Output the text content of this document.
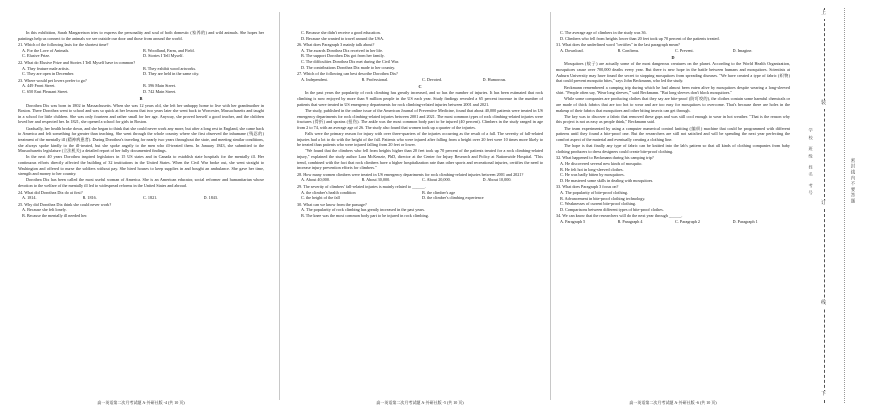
In this exhibition, Sarah Margaretson tries to express the personality and soul of both domestic (家养的) and wild animals. She hopes her paintings help us connect to the animals we see outside our door and those from around the world.

21. Which of the following lasts for the shortest time?
A. For the Love of Animals.	B. Woodland, Farm, and Field.
C. Elusive Prize.	D. Stories I Tell Myself.
22. What do Elusive Prize and Stories I Tell Myself have in common?
A. They feature male artists.	B. They exhibit wood artworks.
C. They are open in December.	D. They are held in the same city.
23. Where would pet lovers prefer to go?
A. 449 Front Street.	B. 396 Main Street.
C. 650 East Pleasant Street.	D. 742 Main Street.
B

Dorothea Dix was born in 1802 in Massachusetts. When she was 12 years old, she left her unhappy home to live with her grandmother in Boston. There Dorothea went to school and was so quick at her lessons that two years later she went back to Worcester, Massachusetts and taught in a school for little children. She was only fourteen and rather small for her age. Anyway, she proved herself a good teacher, and the children loved her and respected her. In 1821, she opened a school for girls in Boston.

Gradually, her health broke down, and she began to think that she could never work any more, but after a long rest in England, she came back to America and felt something far greater than teaching. She went through the whole country where she first observed the inhumane (残忍的) treatment of the mentally ill (精神病患者). During Dorothea's traveling for nearly two years throughout the state, and meeting similar conditions, she always spoke kindly to the ill-treated, but she spoke angrily to the men who ill-treated them. In January 1843, she submitted to the Massachusetts legislature (立法机关) a detailed report of her fully documented findings.

In the next 40 years Dorothea inspired legislators in 15 US states and in Canada to establish state hospitals for the mentally ill. Her continuous efforts directly affected the building of 32 institutions in the United States. When the Civil War broke out, she went straight to Washington and offered to nurse the soldiers without pay. She hired houses to keep supplies in and bought an ambulance. She gave her time, strength and money to her country.

Dorothea Dix has been called the most useful woman of America. She is an American educator, social reformer and humanitarian whose devotion to the welfare of the mentally ill led to widespread reforms in the United States and abroad.

24. What did Dorothea Dix do at first?
A. 1814.	B. 1816.	C. 1821.	D. 1843.
25. Why did Dorothea Dix think she could never work?
A. Because she felt lonely.
B. Because the mentally ill needed her.
C. Because she didn't receive a good education.
D. Because she wanted to travel around the USA.
26. What does Paragraph 3 mainly talk about?
A. The awards Dorothea Dix received in her life.
B. The support Dorothea Dix got from her family.
C. The difficulties Dorothea Dix met during the Civil War.
D. The contributions Dorothea Dix made to her country.
27. Which of the following can best describe Dorothea Dix?
A. Independent.	B. Professional.	C. Devoted.	D. Humorous.
C

In the past years the popularity of rock climbing has greatly increased, and so has the number of injuries. It has been estimated that rock climbing is now enjoyed by more than 9 million people in the US each year. Study findings revealed a 65 percent increase in the number of patients that were treated in US emergency departments for rock climbing-related injuries between 2001 and 2021.

The study, published in the online issue of the American Journal of Preventive Medicine, found that about 40,000 patients were treated in US emergency departments for rock climbing-related injuries between 2001 and 2021. The most common types of rock climbing-related injuries were fractures (骨折) and sprains (扭伤). The ankle was the most common body part to be injured (40 percent). Climbers in the study ranged in age from 2 to 74, with an average age of 26. The study also found that women took up a quarter of the injuries.

Falls were the primary reason for injury with over three-quarters of the injuries occurring as the result of a fall. The severity of fall-related injuries had a lot to do with the height of the fall. Patients who were injured after falling from a height over 20 feet were 10 times more likely to be treated than patients who were injured falling from 20 feet or lower.

"We found that the climbers who fell from heights higher than 20 feet took up 70 percent of the patients treated for a rock climbing-related injury," explained the study author Lara McKenzie, PhD, director at the Center for Injury Research and Policy at Nationwide Hospital. "This trend, combined with the fact that rock climbers have a higher hospitalization rate than other sports and recreational injuries, certifies the need to increase injury prevention efforts for climbers."

28. How many women climbers were treated in US emergency departments for rock climbing-related injuries between 2001 and 2021?
A. About 40,000.	B. About 30,000.	C. About 20,000.	D. About 10,000.
29. The severity of climbers' fall-related injuries is mainly related to ______.
A. the climber's health condition	B. the climber's age
C. the height of the fall	D. the climber's climbing experience
30. What can we know from the passage?
A. The popularity of rock climbing has greatly increased in the past years.
B. The knee was the most common body part to be injured in rock climbing.
C. The average age of climbers in the study was 36.
D. Climbers who fell from heights lower than 20 feet took up 70 percent of the patients treated.
31. What does the underlined word "certifies" in the last paragraph mean?
A. Download.	B. Confirms.	C. Prevent.	D. Imagine.
D

Mosquitoes (蚊子) are actually some of the most dangerous creatures on the planet. According to the World Health Organization, mosquitoes cause over 700,000 deaths every year. But there is new hope in the battle between humans and mosquitoes. Scientists at Auburn University may have found the secret to stopping mosquitoes from spreading diseases. "We have created a type of fabric (织物) that could prevent mosquito bites," says John Beckmann, who led the study.

Beckmann remembered a camping trip during which he had almost been eaten alive by mosquitoes despite wearing a long-sleeved shirt. "People often say, 'Wear long sleeves,'" said Beckmann. "But long sleeves don't block mosquitoes."

While some companies are producing clothes that they say are bite-proof (防叮咬的), the clothes contain some harmful chemicals or are made of thick fabrics that are too hot to wear and are too easy for mosquitoes to overcome. That's because there are holes in the makeup of their fabrics that mosquitoes and other biting insects can get through.

The key was to discover a fabric that removed these gaps and was still cool enough to wear in hot weather. "That is the reason why this project is not as easy as people think," Beckmann said.

The team experimented by using a computer numerical control knitting (编织) machine that could be programmed with different patterns until they found a bite-proof one. But the researchers are still not satisfied and will be spending the next year perfecting the comfort aspect of the material and eventually creating a clothing line.

The hope is that finally any type of fabric can be knitted into the lab's pattern so that all kinds of clothing companies from baby clothing producers to dress designers could create bite-proof clothing.

32. What happened to Beckmann during his camping trip?
A. He discovered several new kinds of mosquito.
B. He felt hot in long-sleeved clothes.
C. He was badly bitten by mosquitoes.
D. He mastered some skills in dealing with mosquitoes.
33. What does Paragraph 3 focus on?
A. The popularity of bite-proof clothing.
B. Advancement in bite-proof clothing technology.
C. Weaknesses of current bite-proof clothing.
D. Comparisons between different types of bite-proof clothes.
34. We can know that the researchers will do the next year through ______.
A. Paragraph 5	B. Paragraph 4	C. Paragraph 2	D. Paragraph 1
高一英语第二次月考试题 A·外研社版 -4 (共 10 页)	高一英语第二次月考试题 A·外研社版 -5 (共 10 页)	高一英语第二次月考试题 A·外研社版 -6 (共 10 页)
上
装
订
线
下
密封线内不要答题
学校 班级 姓名 考号
